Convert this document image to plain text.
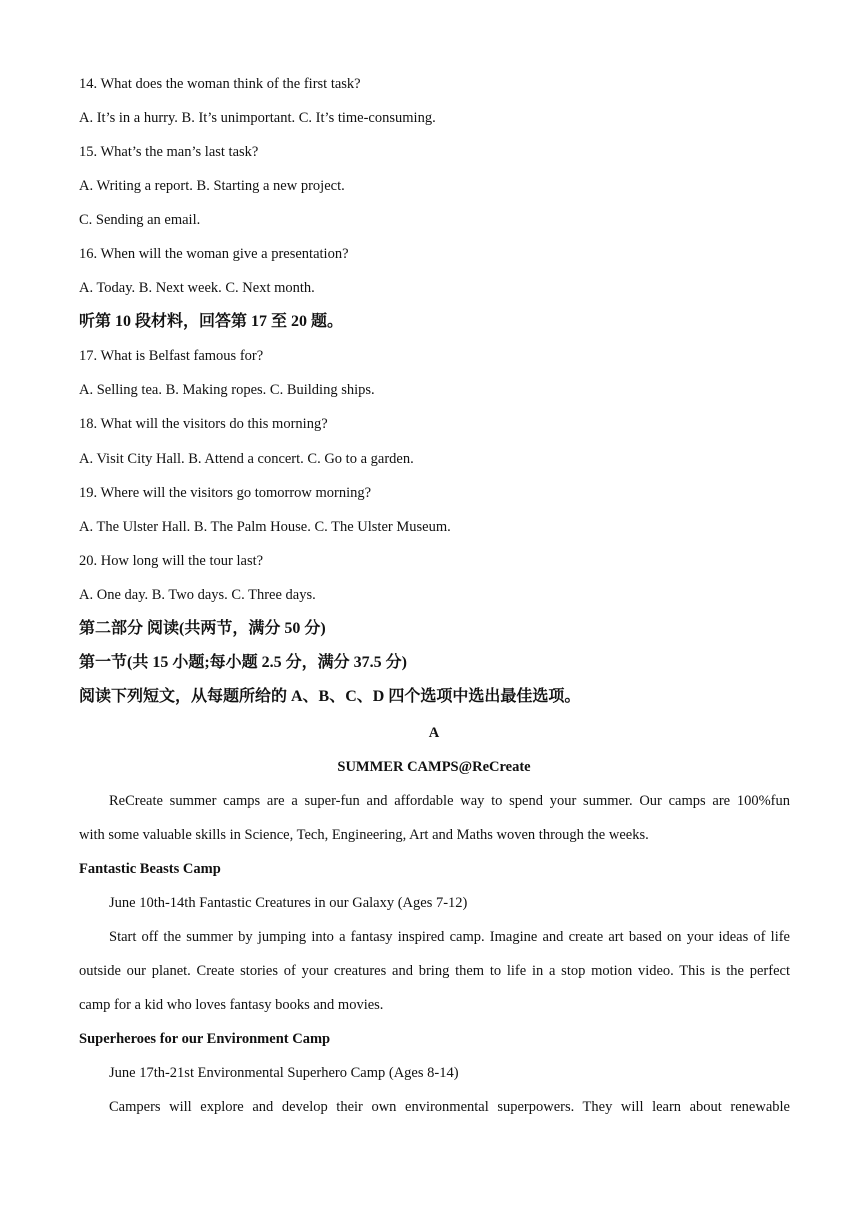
14. What does the woman think of the first task?
A. It’s in a hurry. B. It’s unimportant. C. It’s time-consuming.
15. What’s the man’s last task?
A. Writing a report. B. Starting a new project.
C. Sending an email.
16. When will the woman give a presentation?
A. Today. B. Next week. C. Next month.
听第 10 段材料，回答第 17 至 20 题。
17. What is Belfast famous for?
A. Selling tea. B. Making ropes. C. Building ships.
18. What will the visitors do this morning?
A. Visit City Hall. B. Attend a concert. C. Go to a garden.
19. Where will the visitors go tomorrow morning?
A. The Ulster Hall. B. The Palm House. C. The Ulster Museum.
20. How long will the tour last?
A. One day. B. Two days. C. Three days.
第二部分 阅读(共两节，满分 50 分)
第一节(共 15 小题;每小题 2.5 分，满分 37.5 分)
阅读下列短文，从每题所给的 A、B、C、D 四个选项中选出最佳选项。
A
SUMMER CAMPS@ReCreate
ReCreate summer camps are a super-fun and affordable way to spend your summer. Our camps are 100%fun
with some valuable skills in Science, Tech, Engineering, Art and Maths woven through the weeks.
Fantastic Beasts Camp
June 10th-14th Fantastic Creatures in our Galaxy (Ages 7-12)
Start off the summer by jumping into a fantasy inspired camp. Imagine and create art based on your ideas of life
outside our planet. Create stories of your creatures and bring them to life in a stop motion video. This is the perfect
camp for a kid who loves fantasy books and movies.
Superheroes for our Environment Camp
June 17th-21st Environmental Superhero Camp (Ages 8-14)
Campers will explore and develop their own environmental superpowers. They will learn about renewable
